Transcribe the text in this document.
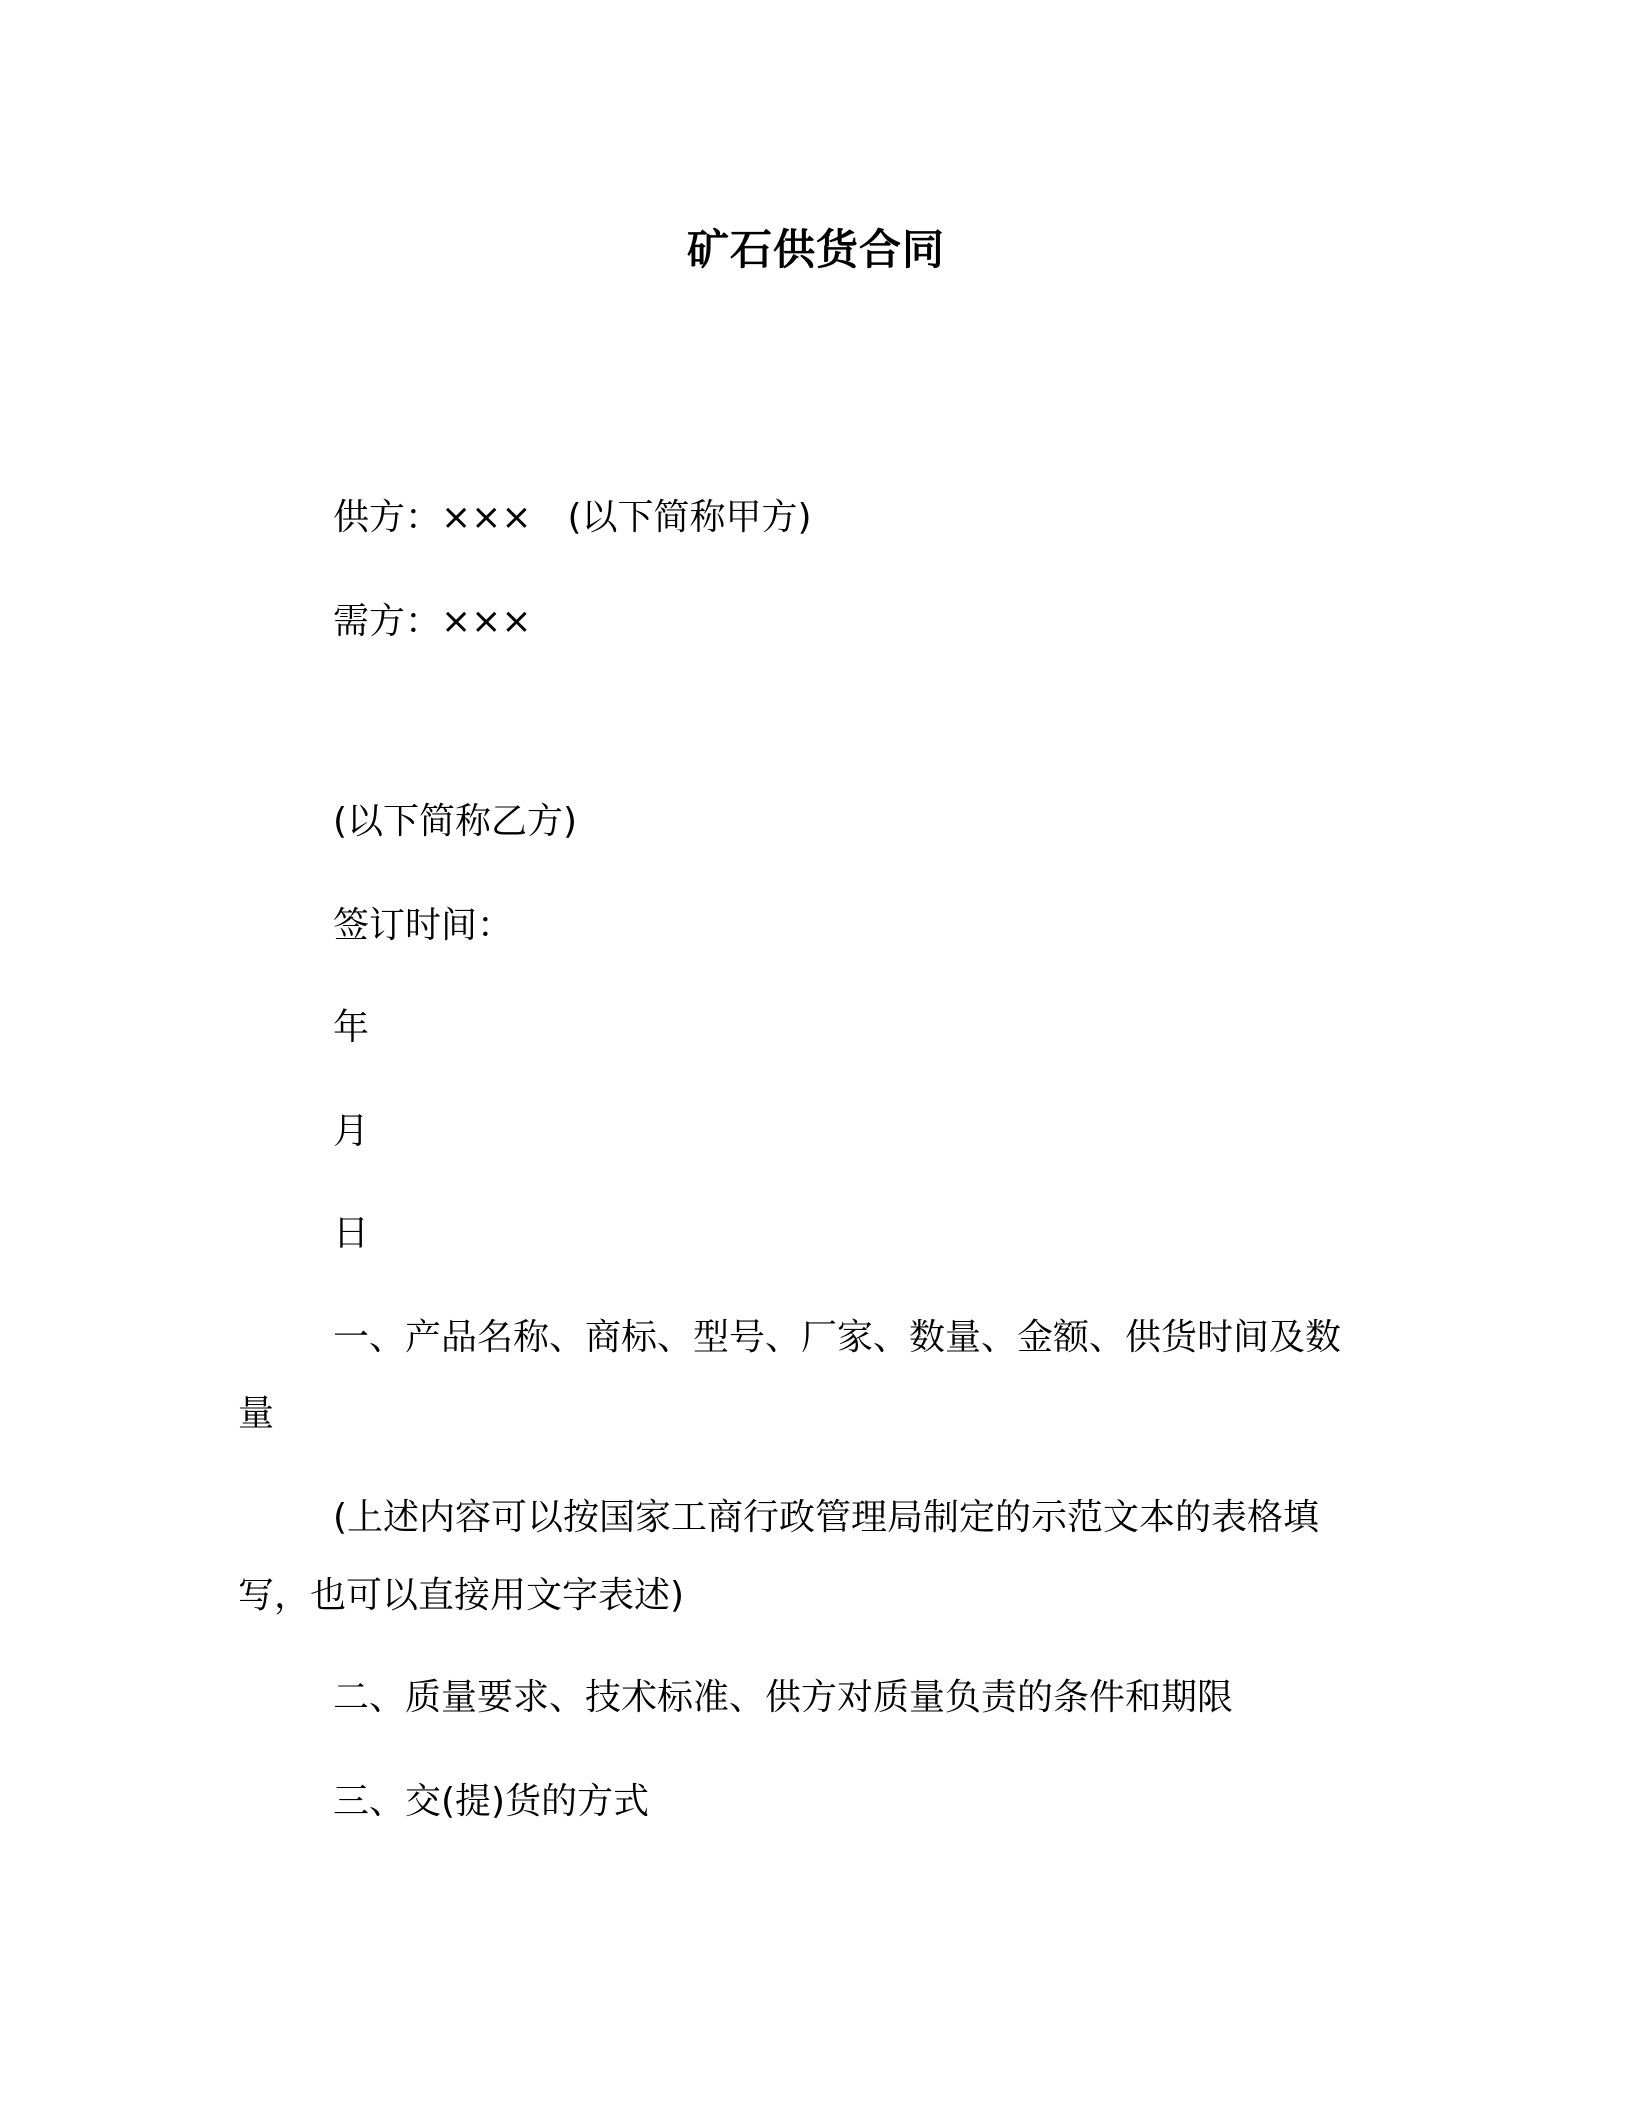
矿石供货合同
供方：×××　(以下简称甲方)
需方：×××
(以下简称乙方)
签订时间：
年
月
日
一、产品名称、商标、型号、厂家、数量、金额、供货时间及数
量
(上述内容可以按国家工商行政管理局制定的示范文本的表格填
写，也可以直接用文字表述)
二、质量要求、技术标准、供方对质量负责的条件和期限
三、交(提)货的方式
